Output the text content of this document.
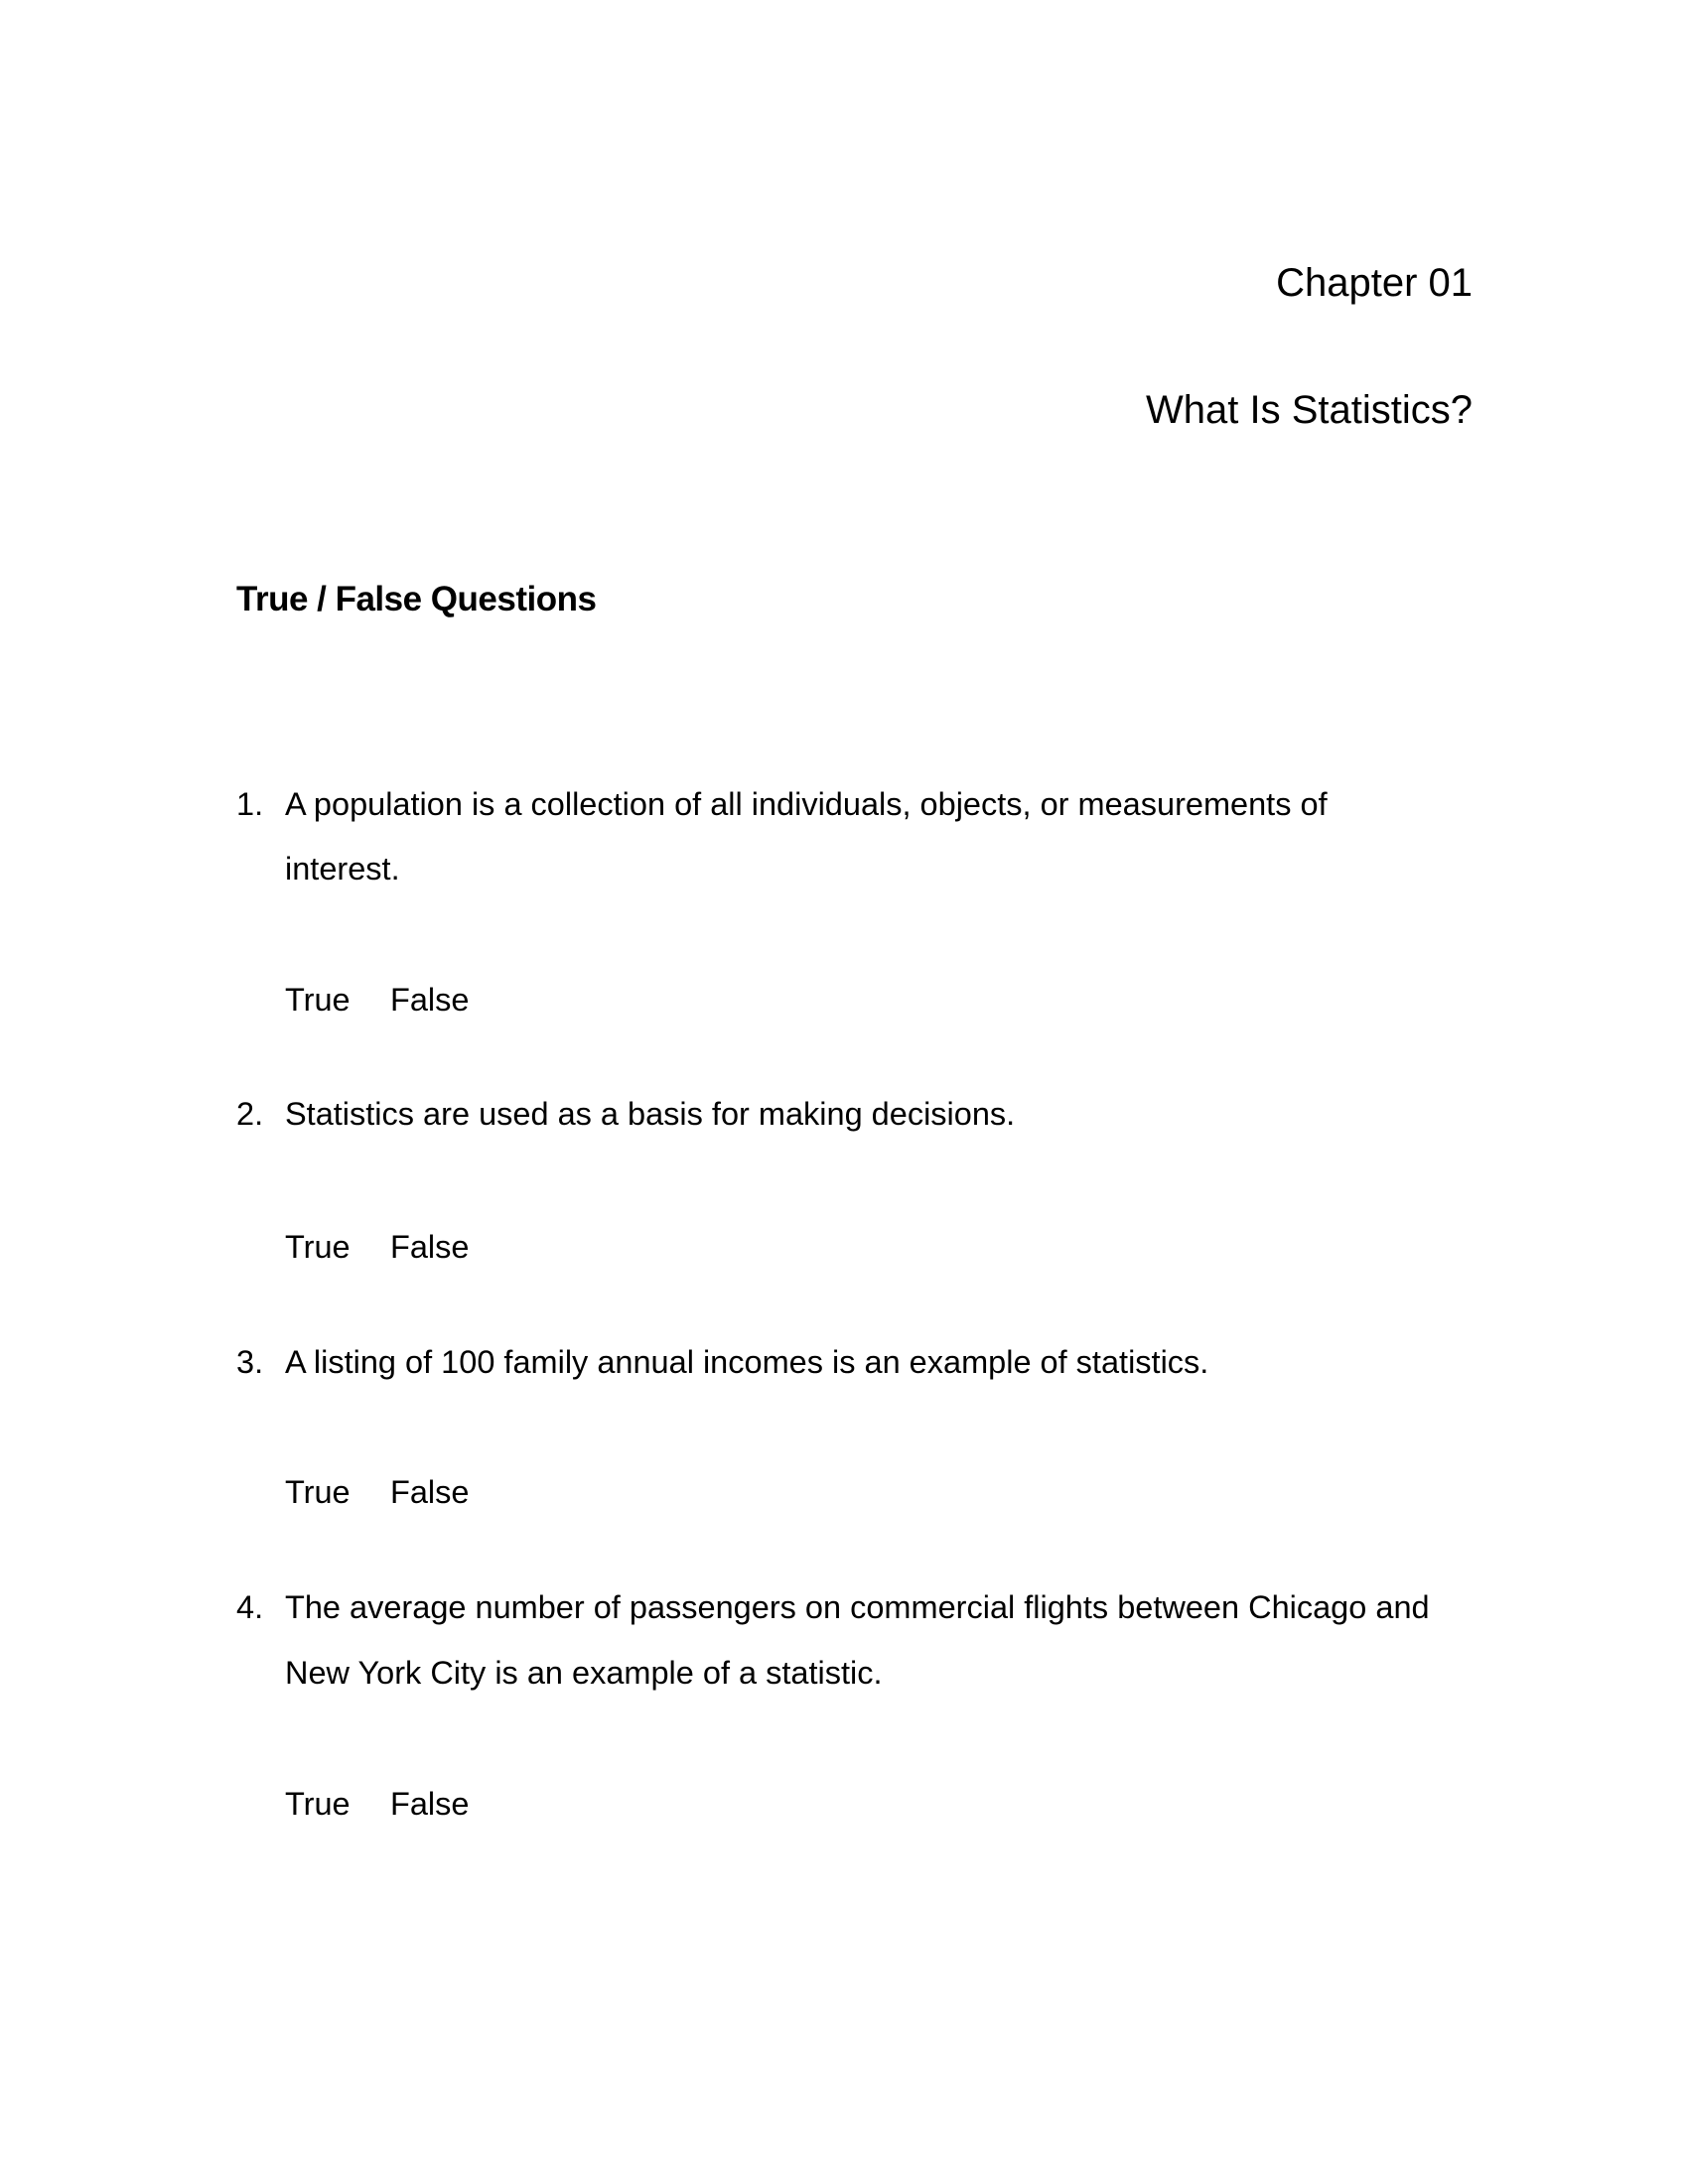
Chapter 01
What Is Statistics?
True / False Questions
1. A population is a collection of all individuals, objects, or measurements of
interest.
True False
2. Statistics are used as a basis for making decisions.
True False
3. A listing of 100 family annual incomes is an example of statistics.
True False
4. The average number of passengers on commercial flights between Chicago and
New York City is an example of a statistic.
True False
